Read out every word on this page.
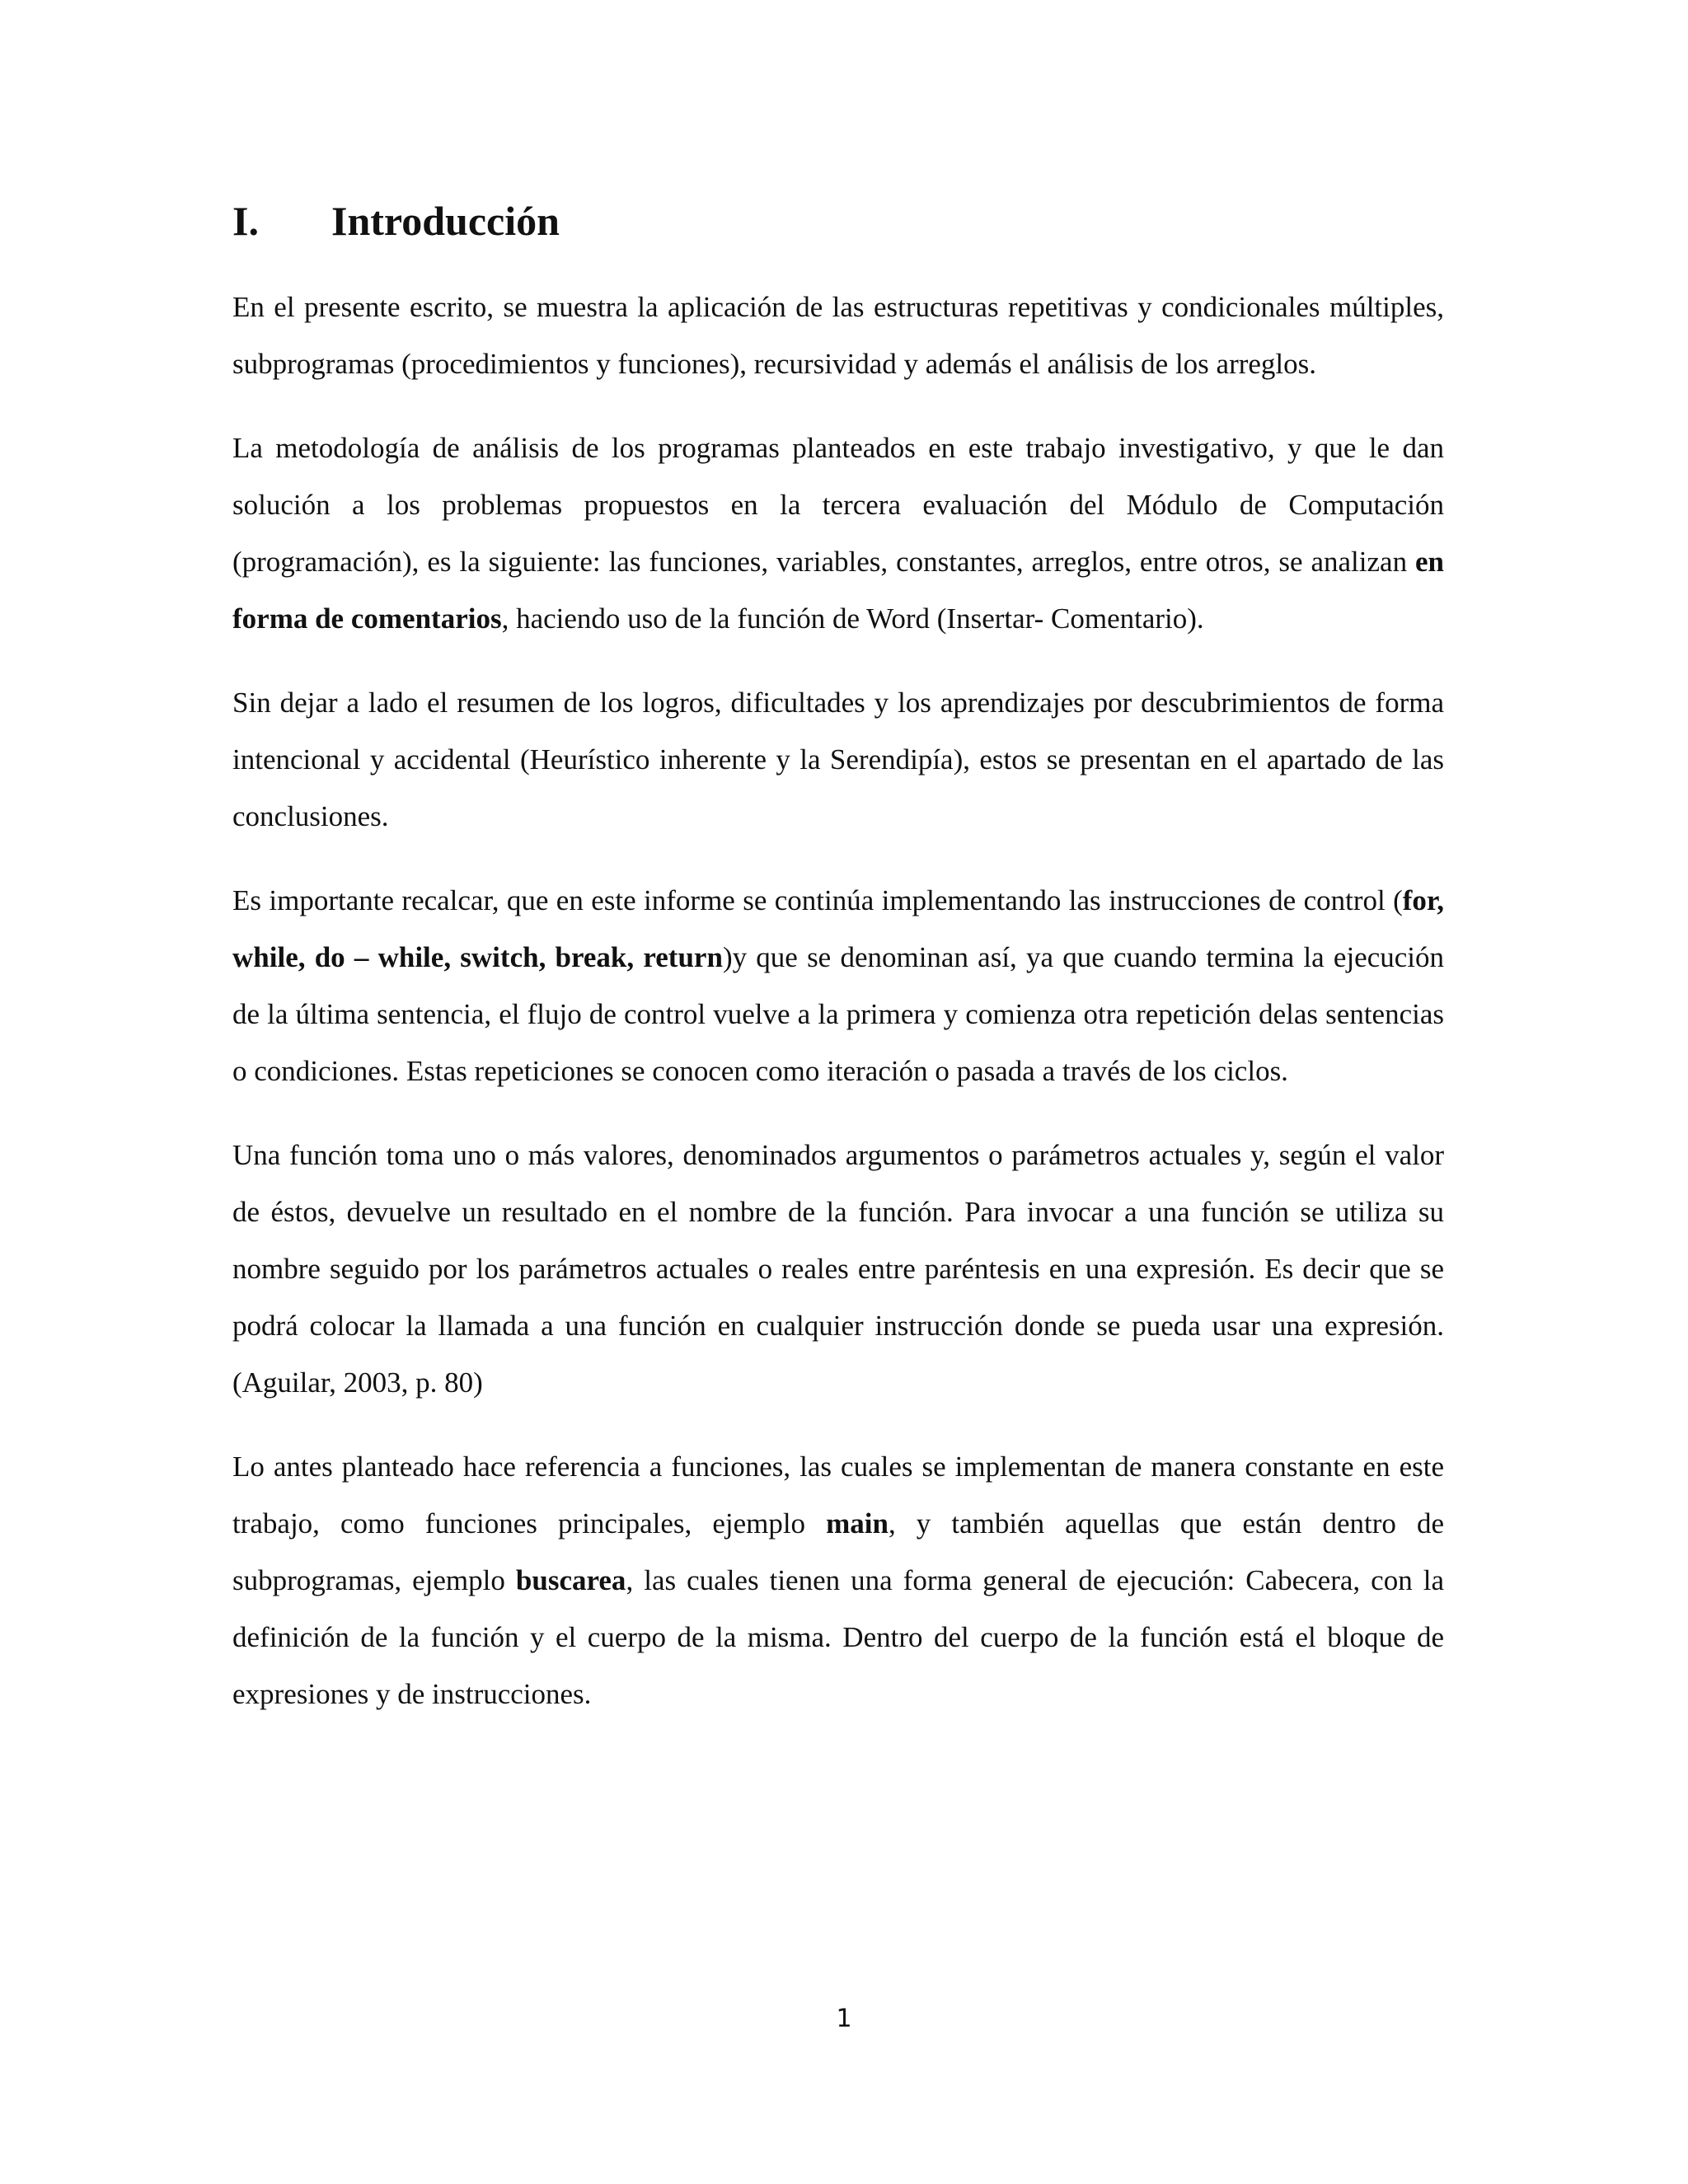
I.	Introducción

En el presente escrito, se muestra la aplicación de las estructuras repetitivas y condicionales múltiples, subprogramas (procedimientos y funciones), recursividad y además el análisis de los arreglos.

La metodología de análisis de los programas planteados en este trabajo investigativo, y que le dan solución a los problemas propuestos en la tercera evaluación del Módulo de Computación (programación), es la siguiente: las funciones, variables, constantes, arreglos, entre otros, se analizan en forma de comentarios, haciendo uso de la función de Word (Insertar- Comentario).

Sin dejar a lado el resumen de los logros, dificultades y los aprendizajes por descubrimientos de forma intencional y accidental (Heurístico inherente y la Serendipía), estos se presentan en el apartado de las conclusiones.

Es importante recalcar, que en este informe se continúa implementando las instrucciones de control (for, while, do – while, switch, break, return)y que se denominan así, ya que cuando termina la ejecución de la última sentencia, el flujo de control vuelve a la primera y comienza otra repetición delas sentencias o condiciones. Estas repeticiones se conocen como iteración o pasada a través de los ciclos.

Una función toma uno o más valores, denominados argumentos o parámetros actuales y, según el valor de éstos, devuelve un resultado en el nombre de la función. Para invocar a una función se utiliza su nombre seguido por los parámetros actuales o reales entre paréntesis en una expresión. Es decir que se podrá colocar la llamada a una función en cualquier instrucción donde se pueda usar una expresión.(Aguilar, 2003, p. 80)

Lo antes planteado hace referencia a funciones, las cuales se implementan de manera constante en este trabajo, como funciones principales, ejemplo main, y también aquellas que están dentro de subprogramas, ejemplo buscarea, las cuales tienen una forma general de ejecución: Cabecera, con la definición de la función y el cuerpo de la misma. Dentro del cuerpo de la función está el bloque de expresiones y de instrucciones.

1
